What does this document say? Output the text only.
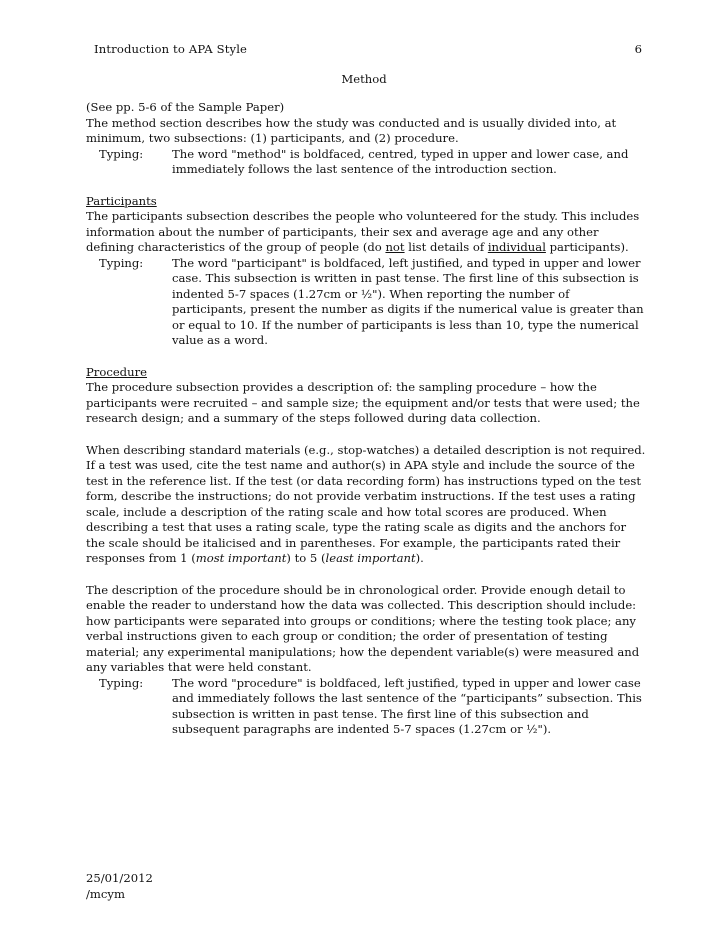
Introduction to APA Style	6
Method
(See pp. 5-6 of the Sample Paper)
The method section describes how the study was conducted and is usually divided into, at minimum, two subsections: (1) participants, and (2) procedure.
Typing:	The word "method" is boldfaced, centred, typed in upper and lower case, and immediately follows the last sentence of the introduction section.
Participants
The participants subsection describes the people who volunteered for the study. This includes information about the number of participants, their sex and average age and any other defining characteristics of the group of people (do not list details of individual participants).
Typing:	The word "participant" is boldfaced, left justified, and typed in upper and lower case. This subsection is written in past tense. The first line of this subsection is indented 5-7 spaces (1.27cm or ½"). When reporting the number of participants, present the number as digits if the numerical value is greater than or equal to 10. If the number of participants is less than 10, type the numerical value as a word.
Procedure
The procedure subsection provides a description of: the sampling procedure – how the participants were recruited – and sample size; the equipment and/or tests that were used; the research design; and a summary of the steps followed during data collection.

When describing standard materials (e.g., stop-watches) a detailed description is not required. If a test was used, cite the test name and author(s) in APA style and include the source of the test in the reference list. If the test (or data recording form) has instructions typed on the test form, describe the instructions; do not provide verbatim instructions. If the test uses a rating scale, include a description of the rating scale and how total scores are produced. When describing a test that uses a rating scale, type the rating scale as digits and the anchors for the scale should be italicised and in parentheses. For example, the participants rated their responses from 1 (most important) to 5 (least important).

The description of the procedure should be in chronological order. Provide enough detail to enable the reader to understand how the data was collected. This description should include: how participants were separated into groups or conditions; where the testing took place; any verbal instructions given to each group or condition; the order of presentation of testing material; any experimental manipulations; how the dependent variable(s) were measured and any variables that were held constant.
Typing:	The word "procedure" is boldfaced, left justified, typed in upper and lower case and immediately follows the last sentence of the “participants” subsection. This subsection is written in past tense. The first line of this subsection and subsequent paragraphs are indented 5-7 spaces (1.27cm or ½").
25/01/2012
/mcym
